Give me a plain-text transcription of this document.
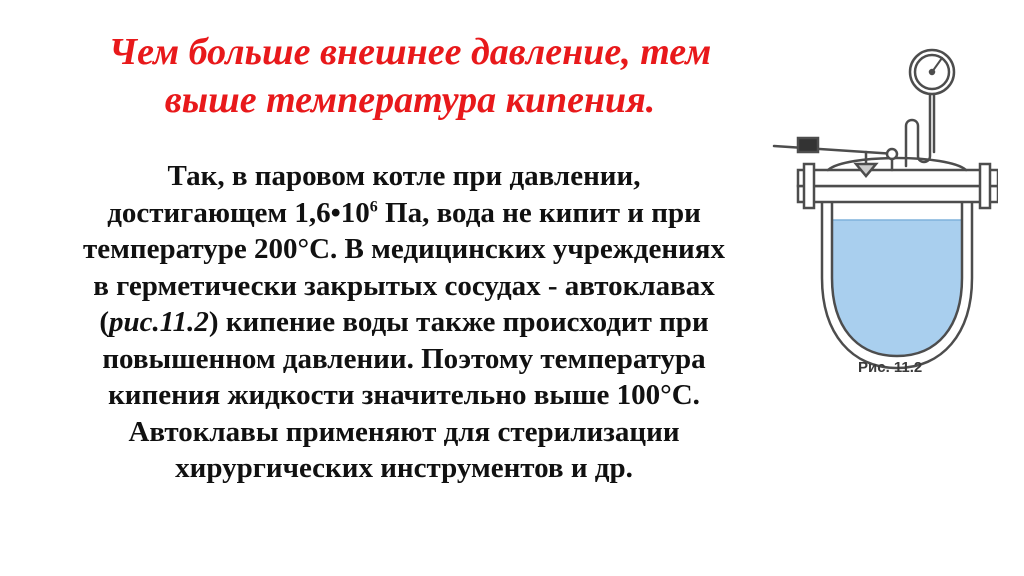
Чем больше внешнее давление, тем
выше температура кипения.
Так, в паровом котле при давлении,
достигающем $1,6•10^6$ Па, вода не кипит и при
температуре 200°С. В медицинских учреждениях
в герметически закрытых сосудах - автоклавах
(рис.11.2) кипение воды также происходит при
повышенном давлении. Поэтому температура
кипения жидкости значительно выше 100°С.
Автоклавы применяют для стерилизации
хирургических инструментов и др.
Рис. 11.2
